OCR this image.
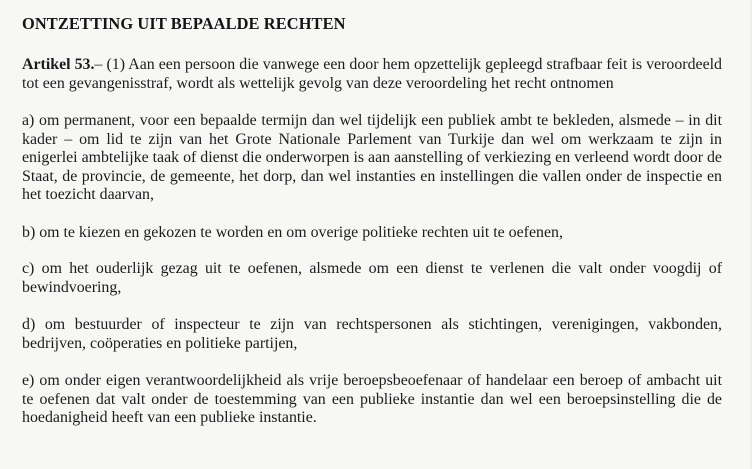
ONTZETTING UIT BEPAALDE RECHTEN

Artikel 53.– (1) Aan een persoon die vanwege een door hem opzettelijk gepleegd strafbaar feit is veroordeeld tot een gevangenisstraf, wordt als wettelijk gevolg van deze veroordeling het recht ontnomen

a) om permanent, voor een bepaalde termijn dan wel tijdelijk een publiek ambt te bekleden, alsmede – in dit kader – om lid te zijn van het Grote Nationale Parlement van Turkije dan wel om werkzaam te zijn in enigerlei ambtelijke taak of dienst die onderworpen is aan aanstelling of verkiezing en verleend wordt door de Staat, de provincie, de gemeente, het dorp, dan wel instanties en instellingen die vallen onder de inspectie en het toezicht daarvan,

b) om te kiezen en gekozen te worden en om overige politieke rechten uit te oefenen,

c) om het ouderlijk gezag uit te oefenen, alsmede om een dienst te verlenen die valt onder voogdij of bewindvoering,

d) om bestuurder of inspecteur te zijn van rechtspersonen als stichtingen, verenigingen, vakbonden, bedrijven, coöperaties en politieke partijen,

e) om onder eigen verantwoordelijkheid als vrije beroepsbeoefenaar of handelaar een beroep of ambacht uit te oefenen dat valt onder de toestemming van een publieke instantie dan wel een beroepsinstelling die de hoedanigheid heeft van een publieke instantie.
